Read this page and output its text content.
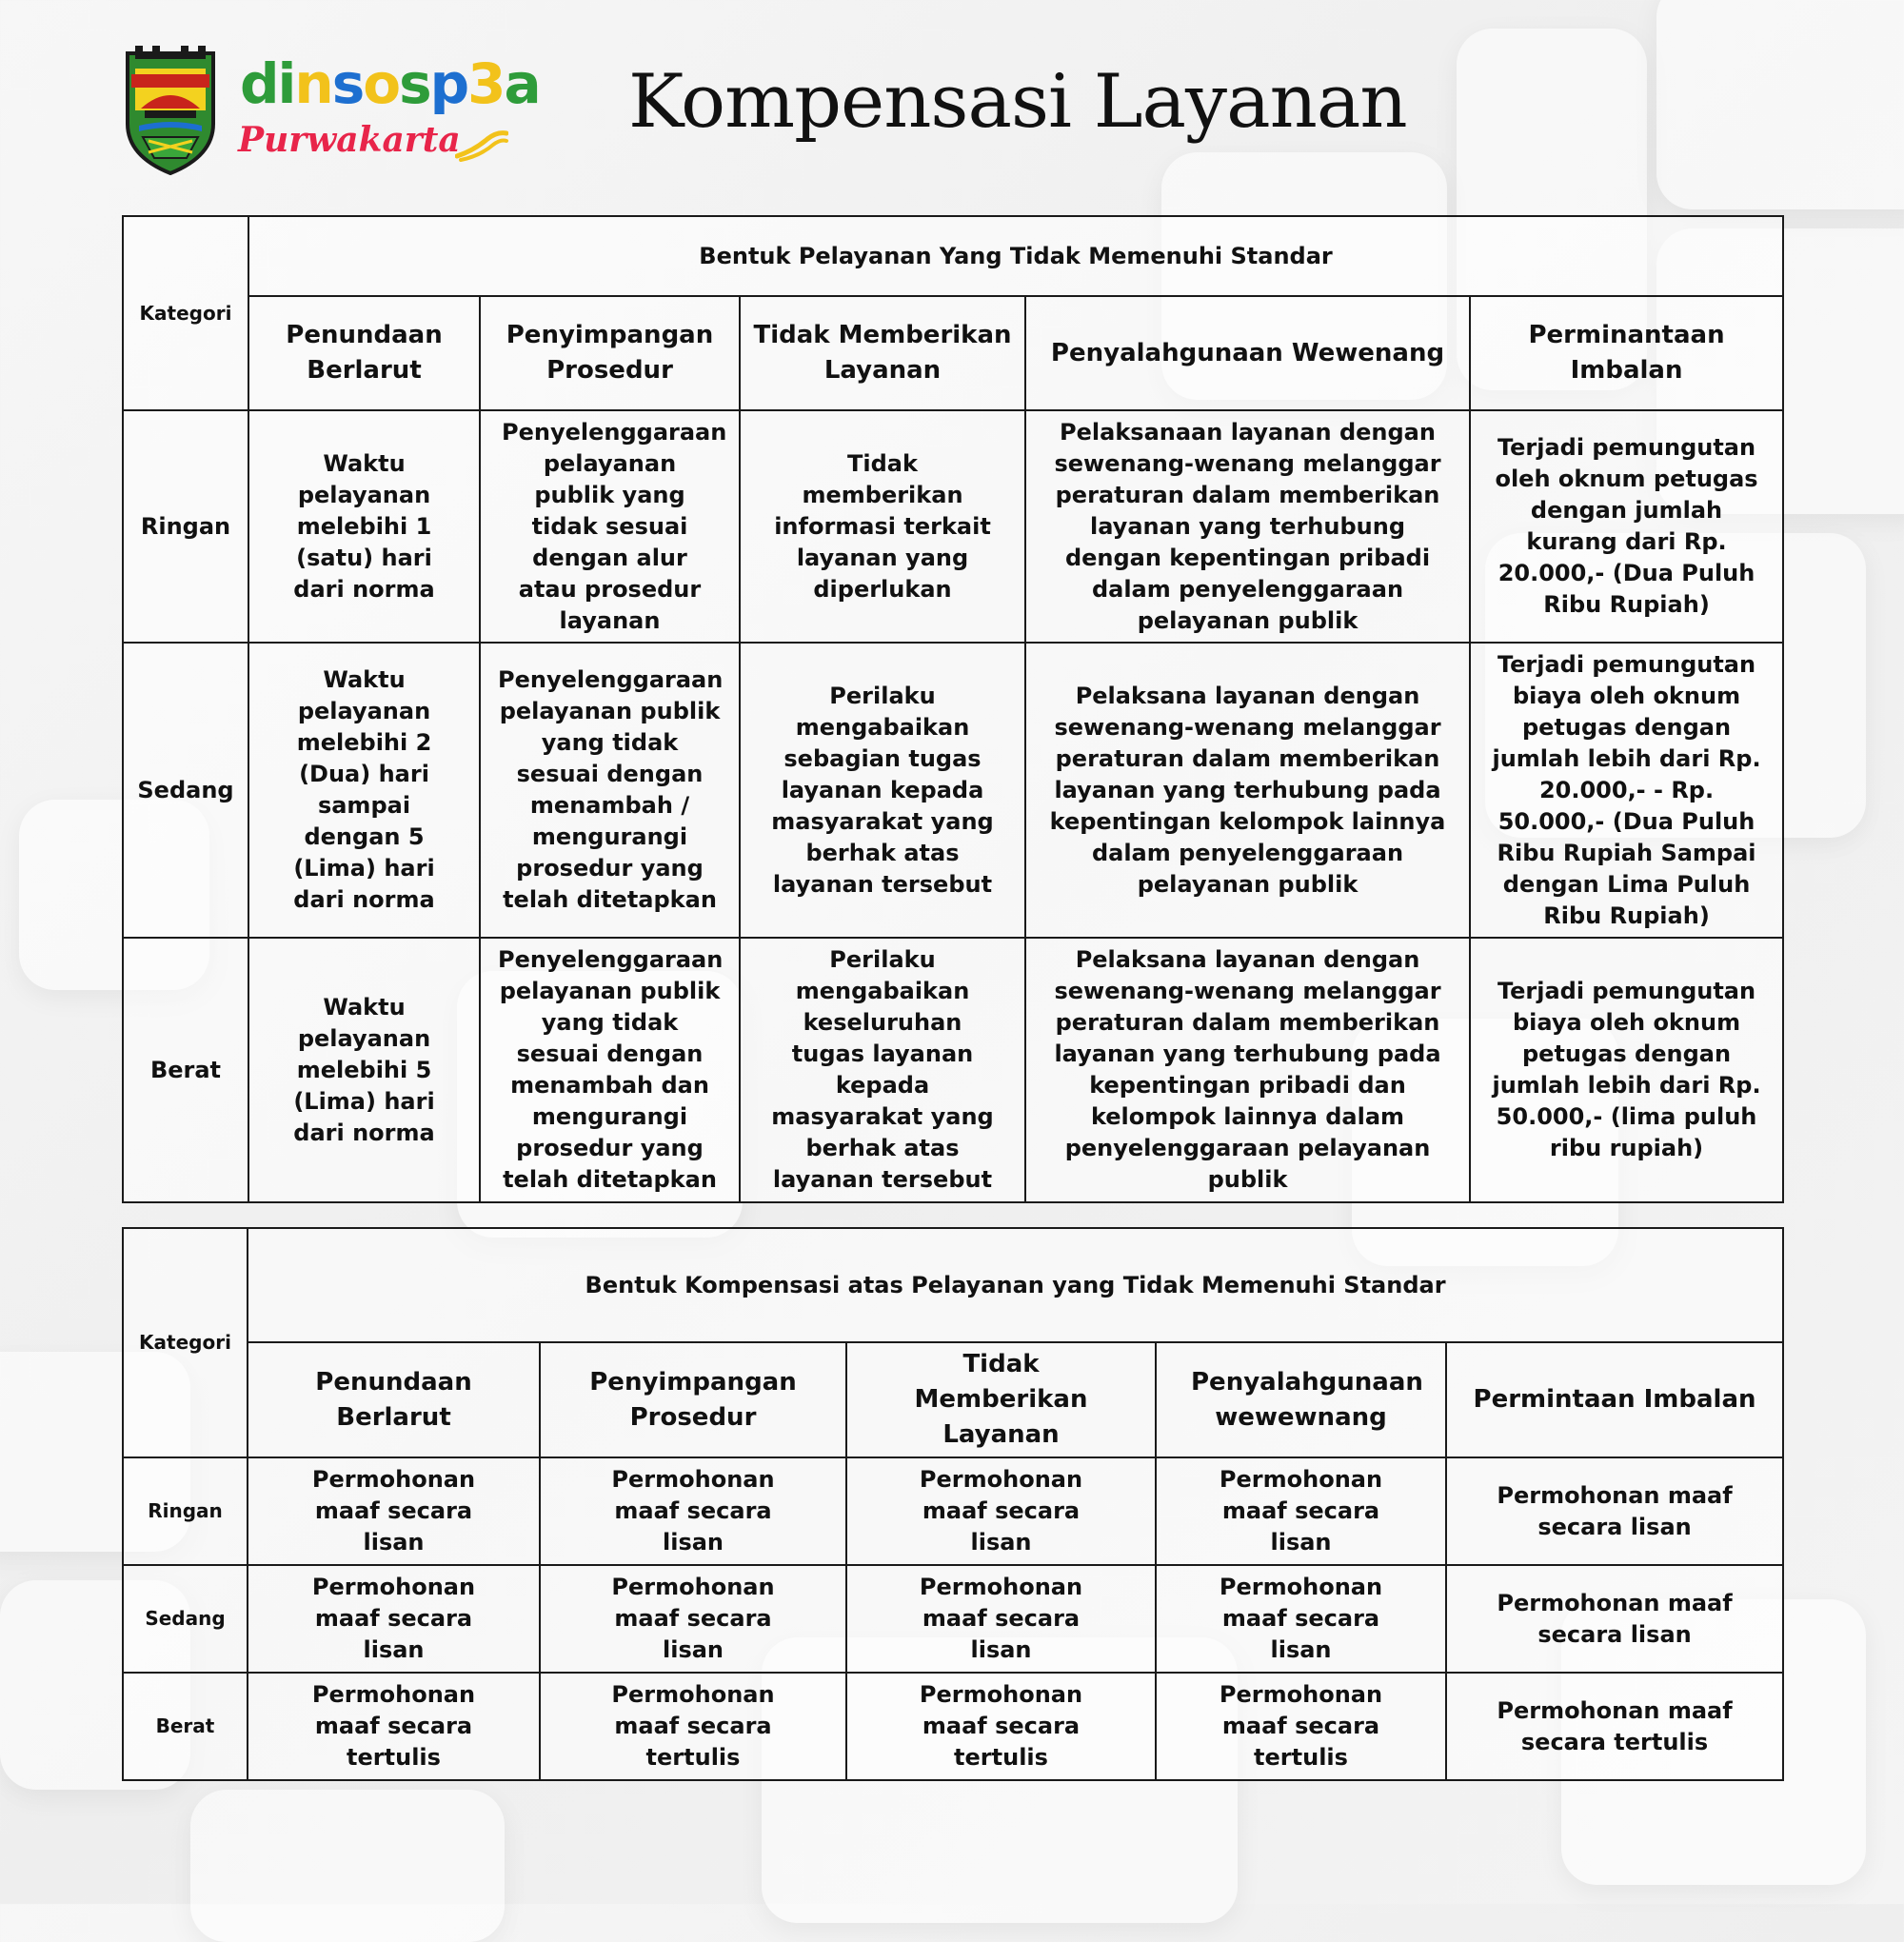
dinsosp3a
Purwakarta Kompensasi Layanan
Kategori	Bentuk Pelayanan Yang Tidak Memenuhi Standar				
	Penundaan Berlarut	Penyimpangan Prosedur	Tidak Memberikan Layanan	Penyalahgunaan Wewenang	Perminantaan Imbalan
Ringan	Waktu pelayanan melebihi 1 (satu) hari dari norma	Penyelenggaraan pelayanan publik yang tidak sesuai dengan alur atau prosedur layanan	Tidak memberikan informasi terkait layanan yang diperlukan	Pelaksanaan layanan dengan sewenang-wenang melanggar peraturan dalam memberikan layanan yang terhubung dengan kepentingan pribadi dalam penyelenggaraan pelayanan publik	Terjadi pemungutan oleh oknum petugas dengan jumlah kurang dari Rp. 20.000,- (Dua Puluh Ribu Rupiah)
Sedang	Waktu pelayanan melebihi 2 (Dua) hari sampai dengan 5 (Lima) hari dari norma	Penyelenggaraan pelayanan publik yang tidak sesuai dengan menambah / mengurangi prosedur yang telah ditetapkan	Perilaku mengabaikan sebagian tugas layanan kepada masyarakat yang berhak atas layanan tersebut	Pelaksana layanan dengan sewenang-wenang melanggar peraturan dalam memberikan layanan yang terhubung pada kepentingan kelompok lainnya dalam penyelenggaraan pelayanan publik	Terjadi pemungutan biaya oleh oknum petugas dengan jumlah lebih dari Rp. 20.000,- - Rp. 50.000,- (Dua Puluh Ribu Rupiah Sampai dengan Lima Puluh Ribu Rupiah)
Berat	Waktu pelayanan melebihi 5 (Lima) hari dari norma	Penyelenggaraan pelayanan publik yang tidak sesuai dengan menambah dan mengurangi prosedur yang telah ditetapkan	Perilaku mengabaikan keseluruhan tugas layanan kepada masyarakat yang berhak atas layanan tersebut	Pelaksana layanan dengan sewenang-wenang melanggar peraturan dalam memberikan layanan yang terhubung pada kepentingan pribadi dan kelompok lainnya dalam penyelenggaraan pelayanan publik	Terjadi pemungutan biaya oleh oknum petugas dengan jumlah lebih dari Rp. 50.000,- (lima puluh ribu rupiah)
Kategori	Bentuk Kompensasi atas Pelayanan yang Tidak Memenuhi Standar				
	Penundaan Berlarut	Penyimpangan Prosedur	Tidak Memberikan Layanan	Penyalahgunaan wewewnang	Permintaan Imbalan
Ringan	Permohonan maaf secara lisan	Permohonan maaf secara lisan	Permohonan maaf secara lisan	Permohonan maaf secara lisan	Permohonan maaf secara lisan
Sedang	Permohonan maaf secara lisan	Permohonan maaf secara lisan	Permohonan maaf secara lisan	Permohonan maaf secara lisan	Permohonan maaf secara lisan
Berat	Permohonan maaf secara tertulis	Permohonan maaf secara tertulis	Permohonan maaf secara tertulis	Permohonan maaf secara tertulis	Permohonan maaf secara tertulis
